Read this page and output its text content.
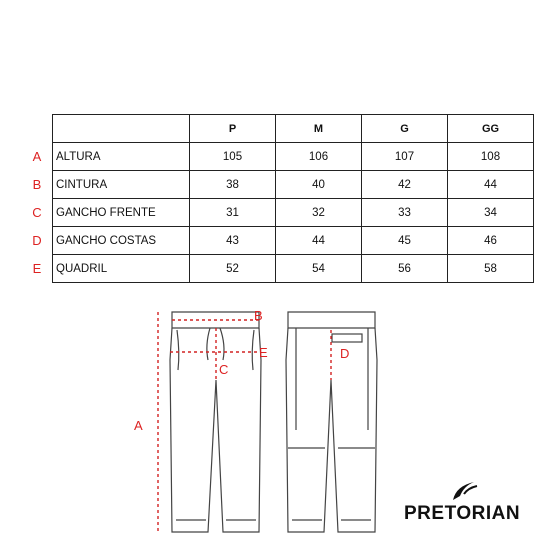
A
B
C
D
E
	P	M	G	GG
ALTURA	105	106	107	108
CINTURA	38	40	42	44
GANCHO FRENTE	31	32	33	34
GANCHO COSTAS	43	44	45	46
QUADRIL	52	54	56	58
A
B
C
D
E
PRETORIAN
